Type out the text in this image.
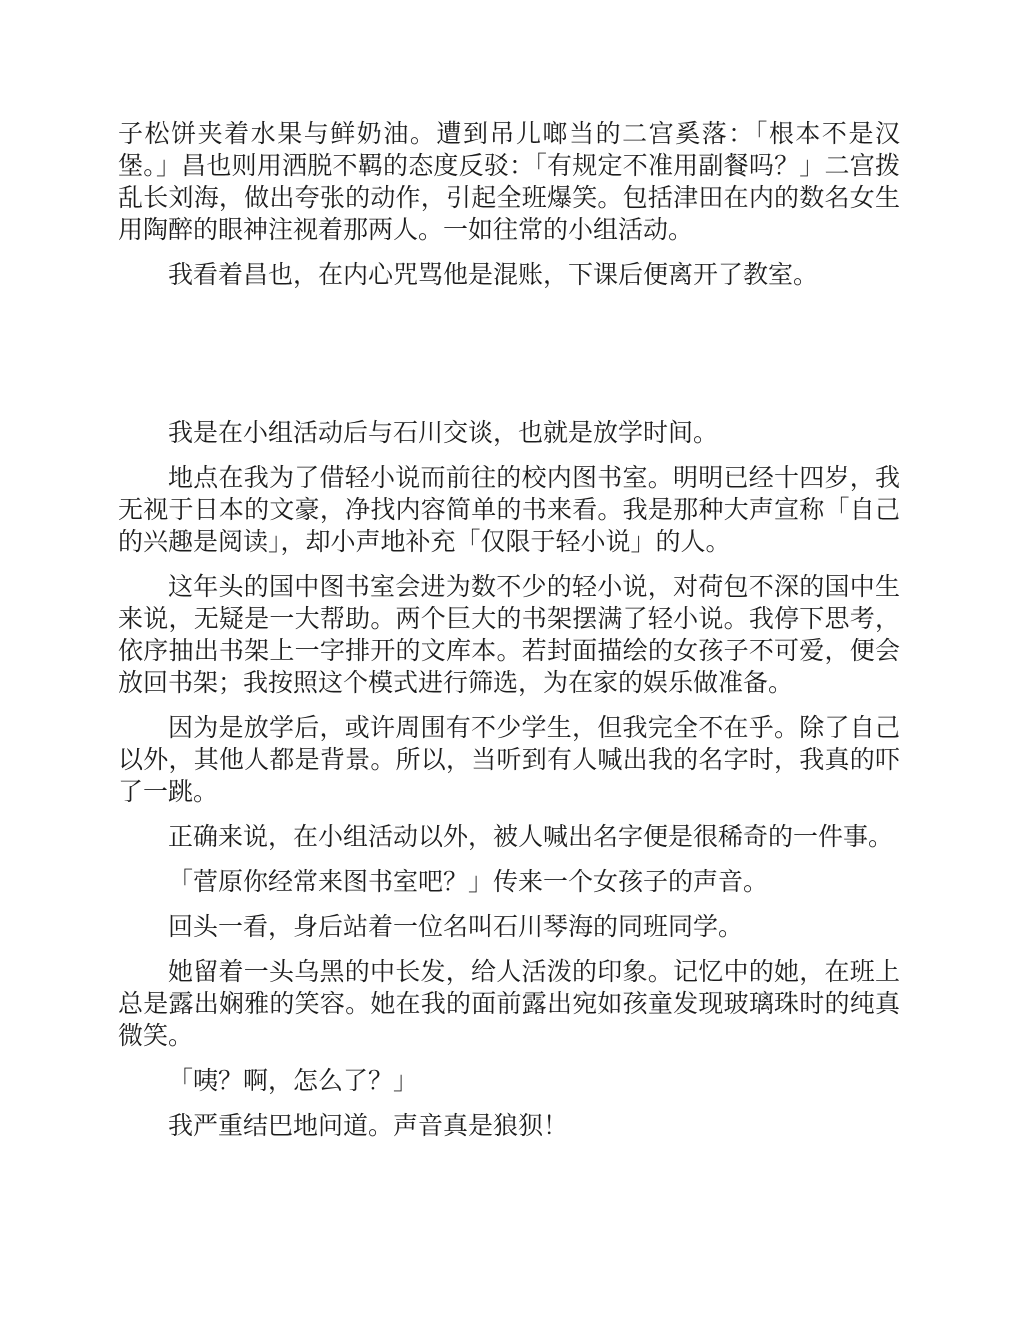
子松饼夹着水果与鲜奶油。遭到吊儿啷当的二宫奚落：「根本不是汉堡。」昌也则用洒脱不羁的态度反驳：「有规定不准用副餐吗？」二宫拨乱长刘海，做出夸张的动作，引起全班爆笑。包括津田在内的数名女生用陶醉的眼神注视着那两人。一如往常的小组活动。

我看着昌也，在内心咒骂他是混账，下课后便离开了教室。

我是在小组活动后与石川交谈，也就是放学时间。

地点在我为了借轻小说而前往的校内图书室。明明已经十四岁，我无视于日本的文豪，净找内容简单的书来看。我是那种大声宣称「自己的兴趣是阅读」，却小声地补充「仅限于轻小说」的人。

这年头的国中图书室会进为数不少的轻小说，对荷包不深的国中生来说，无疑是一大帮助。两个巨大的书架摆满了轻小说。我停下思考，依序抽出书架上一字排开的文库本。若封面描绘的女孩子不可爱，便会放回书架；我按照这个模式进行筛选，为在家的娱乐做准备。

因为是放学后，或许周围有不少学生，但我完全不在乎。除了自己以外，其他人都是背景。所以，当听到有人喊出我的名字时，我真的吓了一跳。

正确来说，在小组活动以外，被人喊出名字便是很稀奇的一件事。

「菅原你经常来图书室吧？」传来一个女孩子的声音。

回头一看，身后站着一位名叫石川琴海的同班同学。

她留着一头乌黑的中长发，给人活泼的印象。记忆中的她，在班上总是露出娴雅的笑容。她在我的面前露出宛如孩童发现玻璃珠时的纯真微笑。

「咦？啊，怎么了？」

我严重结巴地问道。声音真是狼狈！
